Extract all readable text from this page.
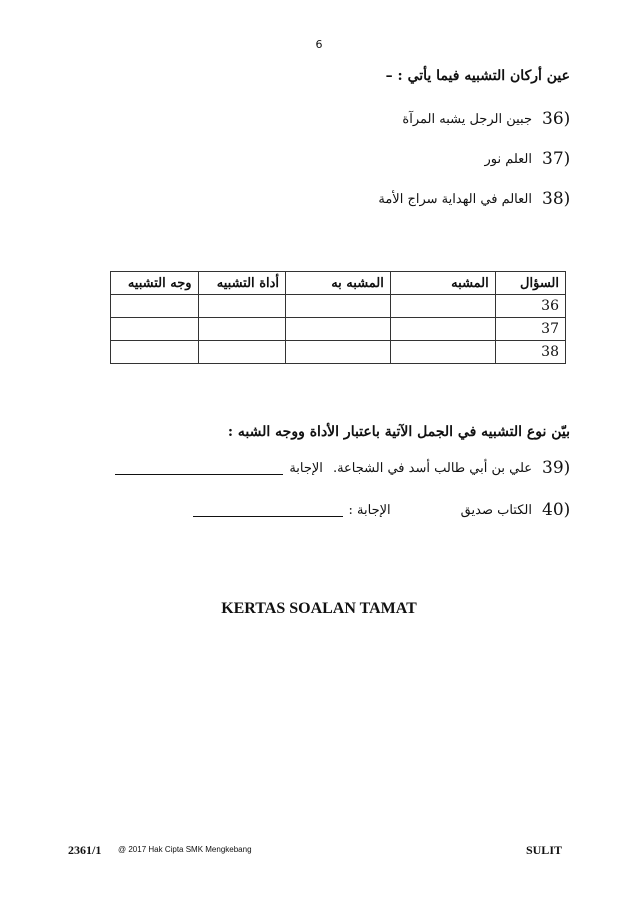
6
عين أركان التشبيه فيما يأتي : –
36)
جبين الرجل يشبه المرآة
37)
العلم نور
38)
العالم في الهداية سراج الأمة
السؤال	المشبه	المشبه به	أداة التشبيه	وجه التشبيه
36				
37				
38				
بيّن نوع التشبيه في الجمل الآتية باعتبار الأداة ووجه الشبه :
39)
علي بن أبي طالب أسد في الشجاعة.
الإجابة
40)
الكتاب صديق
الإجابة :
KERTAS SOALAN TAMAT
2361/1 @ 2017 Hak Cipta SMK Mengkebang	SULIT
